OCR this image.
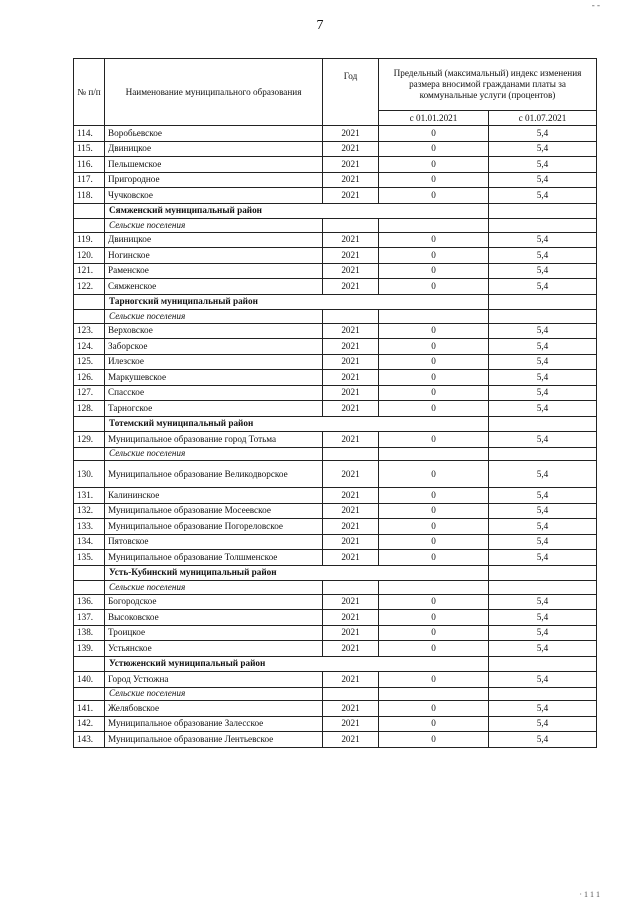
- -
7
№ п/п	Наименование муниципального образования	Год	Предельный (максимальный) индекс изменения размера вносимой гражданами платы за коммунальные услуги (процентов)	
			с 01.01.2021	с 01.07.2021
114.	Воробьевское	2021	0	5,4
115.	Двиницкое	2021	0	5,4
116.	Пельшемское	2021	0	5,4
117.	Пригородное	2021	0	5,4
118.	Чучковское	2021	0	5,4
	Сямженский муниципальный район			
	Сельские поселения			
119.	Двиницкое	2021	0	5,4
120.	Ногинское	2021	0	5,4
121.	Раменское	2021	0	5,4
122.	Сямженское	2021	0	5,4
	Тарногский муниципальный район			
	Сельские поселения			
123.	Верховское	2021	0	5,4
124.	Заборское	2021	0	5,4
125.	Илезское	2021	0	5,4
126.	Маркушевское	2021	0	5,4
127.	Спасское	2021	0	5,4
128.	Тарногское	2021	0	5,4
	Тотемский муниципальный район			
129.	Муниципальное образование город Тотьма	2021	0	5,4
	Сельские поселения			
130.	Муниципальное образование Великодворское	2021	0	5,4
131.	Калининское	2021	0	5,4
132.	Муниципальное образование Мосеевское	2021	0	5,4
133.	Муниципальное образование Погореловское	2021	0	5,4
134.	Пятовское	2021	0	5,4
135.	Муниципальное образование Толшменское	2021	0	5,4
	Усть-Кубинский муниципальный район			
	Сельские поселения			
136.	Богородское	2021	0	5,4
137.	Высоковское	2021	0	5,4
138.	Троицкое	2021	0	5,4
139.	Устьянское	2021	0	5,4
	Устюженский муниципальный район			
140.	Город Устюжна	2021	0	5,4
	Сельские поселения			
141.	Желябовское	2021	0	5,4
142.	Муниципальное образование Залесское	2021	0	5,4
143.	Муниципальное образование Лентьевское	2021	0	5,4
· 1 1 1
